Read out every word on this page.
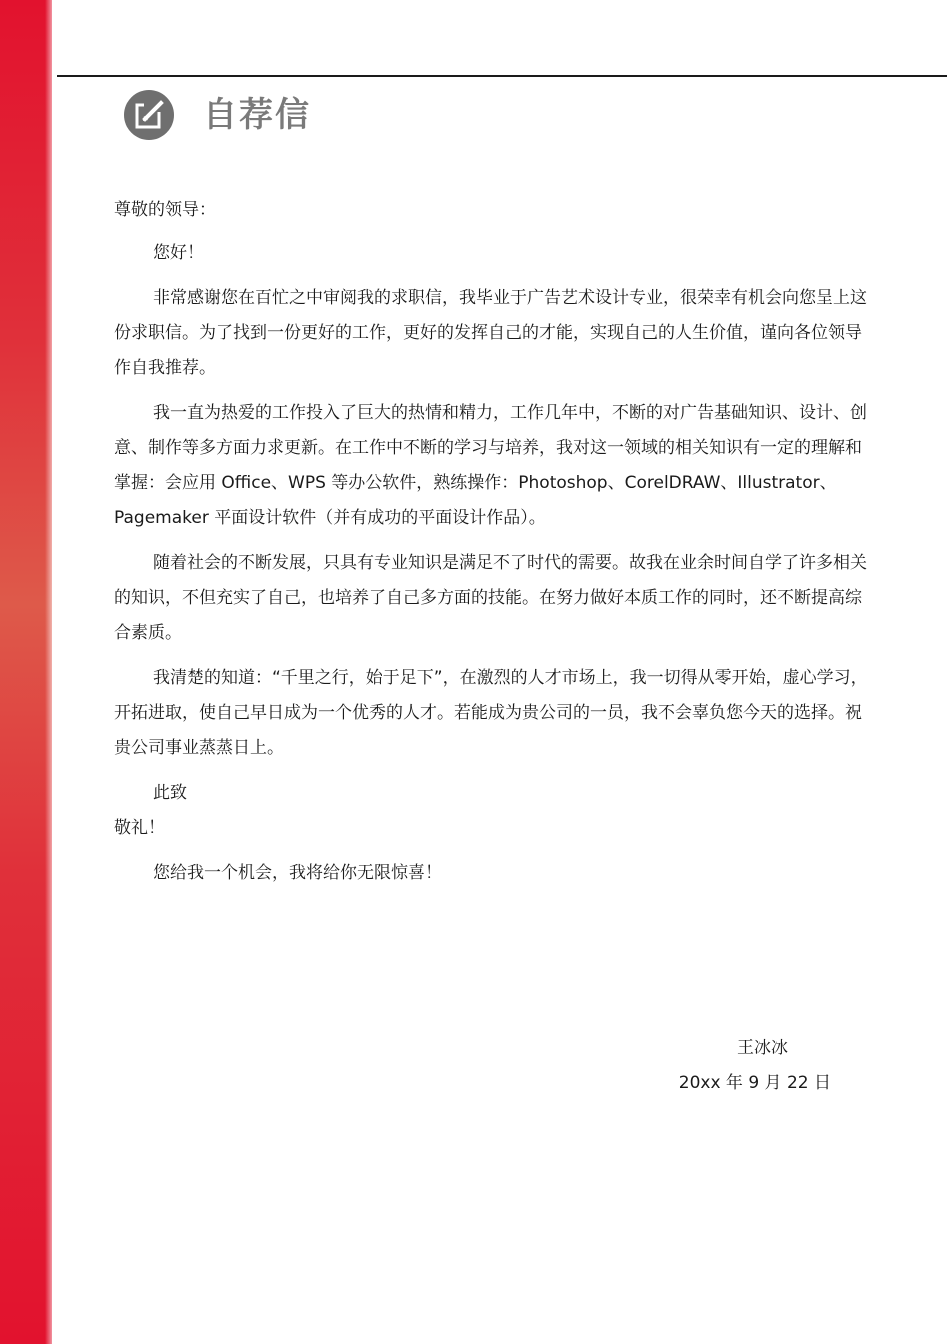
自荐信

尊敬的领导：

您好！

非常感谢您在百忙之中审阅我的求职信，我毕业于广告艺术设计专业，很荣幸有机会向您呈上这份求职信。为了找到一份更好的工作，更好的发挥自己的才能，实现自己的人生价值，谨向各位领导作自我推荐。

我一直为热爱的工作投入了巨大的热情和精力，工作几年中，不断的对广告基础知识、设计、创意、制作等多方面力求更新。在工作中不断的学习与培养，我对这一领域的相关知识有一定的理解和掌握：会应用 Office、WPS 等办公软件，熟练操作：Photoshop、CorelDRAW、Illustrator、Pagemaker 平面设计软件（并有成功的平面设计作品）。

随着社会的不断发展，只具有专业知识是满足不了时代的需要。故我在业余时间自学了许多相关的知识，不但充实了自己，也培养了自己多方面的技能。在努力做好本质工作的同时，还不断提高综合素质。

我清楚的知道：“千里之行，始于足下”，在激烈的人才市场上，我一切得从零开始，虚心学习，开拓进取，使自己早日成为一个优秀的人才。若能成为贵公司的一员，我不会辜负您今天的选择。祝贵公司事业蒸蒸日上。

此致

敬礼！

您给我一个机会，我将给你无限惊喜！

王冰冰
20xx 年 9 月 22 日
